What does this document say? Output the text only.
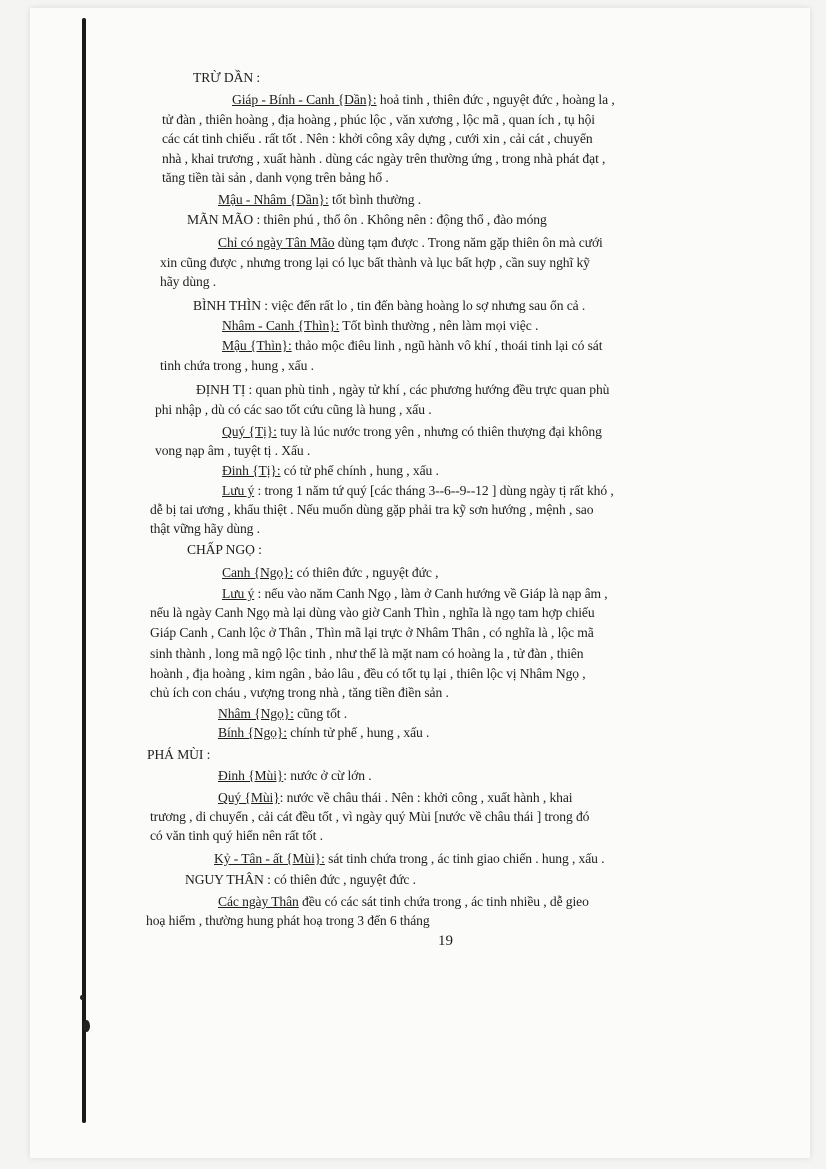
TRỪ DẦN :
Giáp - Bính - Canh {Dần}: hoả tinh , thiên đức , nguyệt đức , hoàng la ,
tử đàn , thiên hoàng , địa hoàng , phúc lộc , văn xương , lộc mã , quan ích , tụ hội
các cát tinh chiếu . rất tốt . Nên : khởi công xây dựng , cưới xin , cải cát , chuyển
nhà , khai trương , xuất hành . dùng các ngày trên thường ứng , trong nhà phát đạt ,
tăng tiền tài sản , danh vọng trên bảng hổ .
Mậu - Nhâm {Dần}: tốt bình thường .
MÃN MÃO : thiên phú , thổ ôn . Không nên : động thổ , đào móng
Chỉ có ngày Tân Mão dùng tạm được . Trong năm gặp thiên ôn mà cưới
xin cũng được , nhưng trong lại có lục bất thành và lục bất hợp , cần suy nghĩ kỹ
hãy dùng .
BÌNH THÌN : việc đến rất lo , tin đến bàng hoàng lo sợ nhưng sau ổn cả .
Nhâm - Canh {Thìn}: Tốt bình thường , nên làm mọi việc .
Mậu {Thìn}: thảo mộc điêu linh , ngũ hành vô khí , thoái tinh lại có sát
tinh chứa trong , hung , xấu .
ĐỊNH TỊ : quan phù tinh , ngày tử khí , các phương hướng đều trực quan phù
phi nhập , dù có các sao tốt cứu cũng là hung , xấu .
Quý {Tị}: tuy là lúc nước trong yên , nhưng có thiên thượng đại không
vong nạp âm , tuyệt tị . Xấu .
Đinh {Tị}: có tử phế chính , hung , xấu .
Lưu ý : trong 1 năm tứ quý [các tháng 3--6--9--12 ] dùng ngày tị rất khó ,
dễ bị tai ương , khẩu thiệt . Nếu muốn dùng gặp phải tra kỹ sơn hướng , mệnh , sao
thật vững hãy dùng .
CHẤP NGỌ :
Canh {Ngọ}: có thiên đức , nguyệt đức ,
Lưu ý : nếu vào năm Canh Ngọ , làm ở Canh hướng về Giáp là nạp âm ,
nếu là ngày Canh Ngọ mà lại dùng vào giờ Canh Thìn , nghĩa là ngọ tam hợp chiếu
Giáp Canh , Canh lộc ở Thân , Thìn mã lại trực ở Nhâm Thân , có nghĩa là , lộc mã
sinh thành , long mã ngộ lộc tinh , như thế là mặt nam có hoàng la , tử đàn , thiên
hoành , địa hoàng , kim ngân , bảo lâu , đều có tốt tụ lại , thiên lộc vị Nhâm Ngọ ,
chủ ích con cháu , vượng trong nhà , tăng tiền điền sản .
Nhâm {Ngọ}: cũng tốt .
Bính {Ngọ}: chính tử phế , hung , xấu .
PHÁ MÙI :
Đinh {Mùi}: nước ở cừ lớn .
Quý {Mùi}: nước về châu thái . Nên : khởi công , xuất hành , khai
trương , di chuyển , cải cát đều tốt , vì ngày quý Mùi [nước về châu thái ] trong đó
có văn tinh quý hiển nên rất tốt .
Kỷ - Tân - ất {Mùi}: sát tinh chứa trong , ác tinh giao chiến . hung , xấu .
NGUY THÂN : có thiên đức , nguyệt đức .
Các ngày Thân đều có các sát tinh chứa trong , ác tinh nhiều , dễ gieo
hoạ hiểm , thường hung phát hoạ trong 3 đến 6 tháng
19
